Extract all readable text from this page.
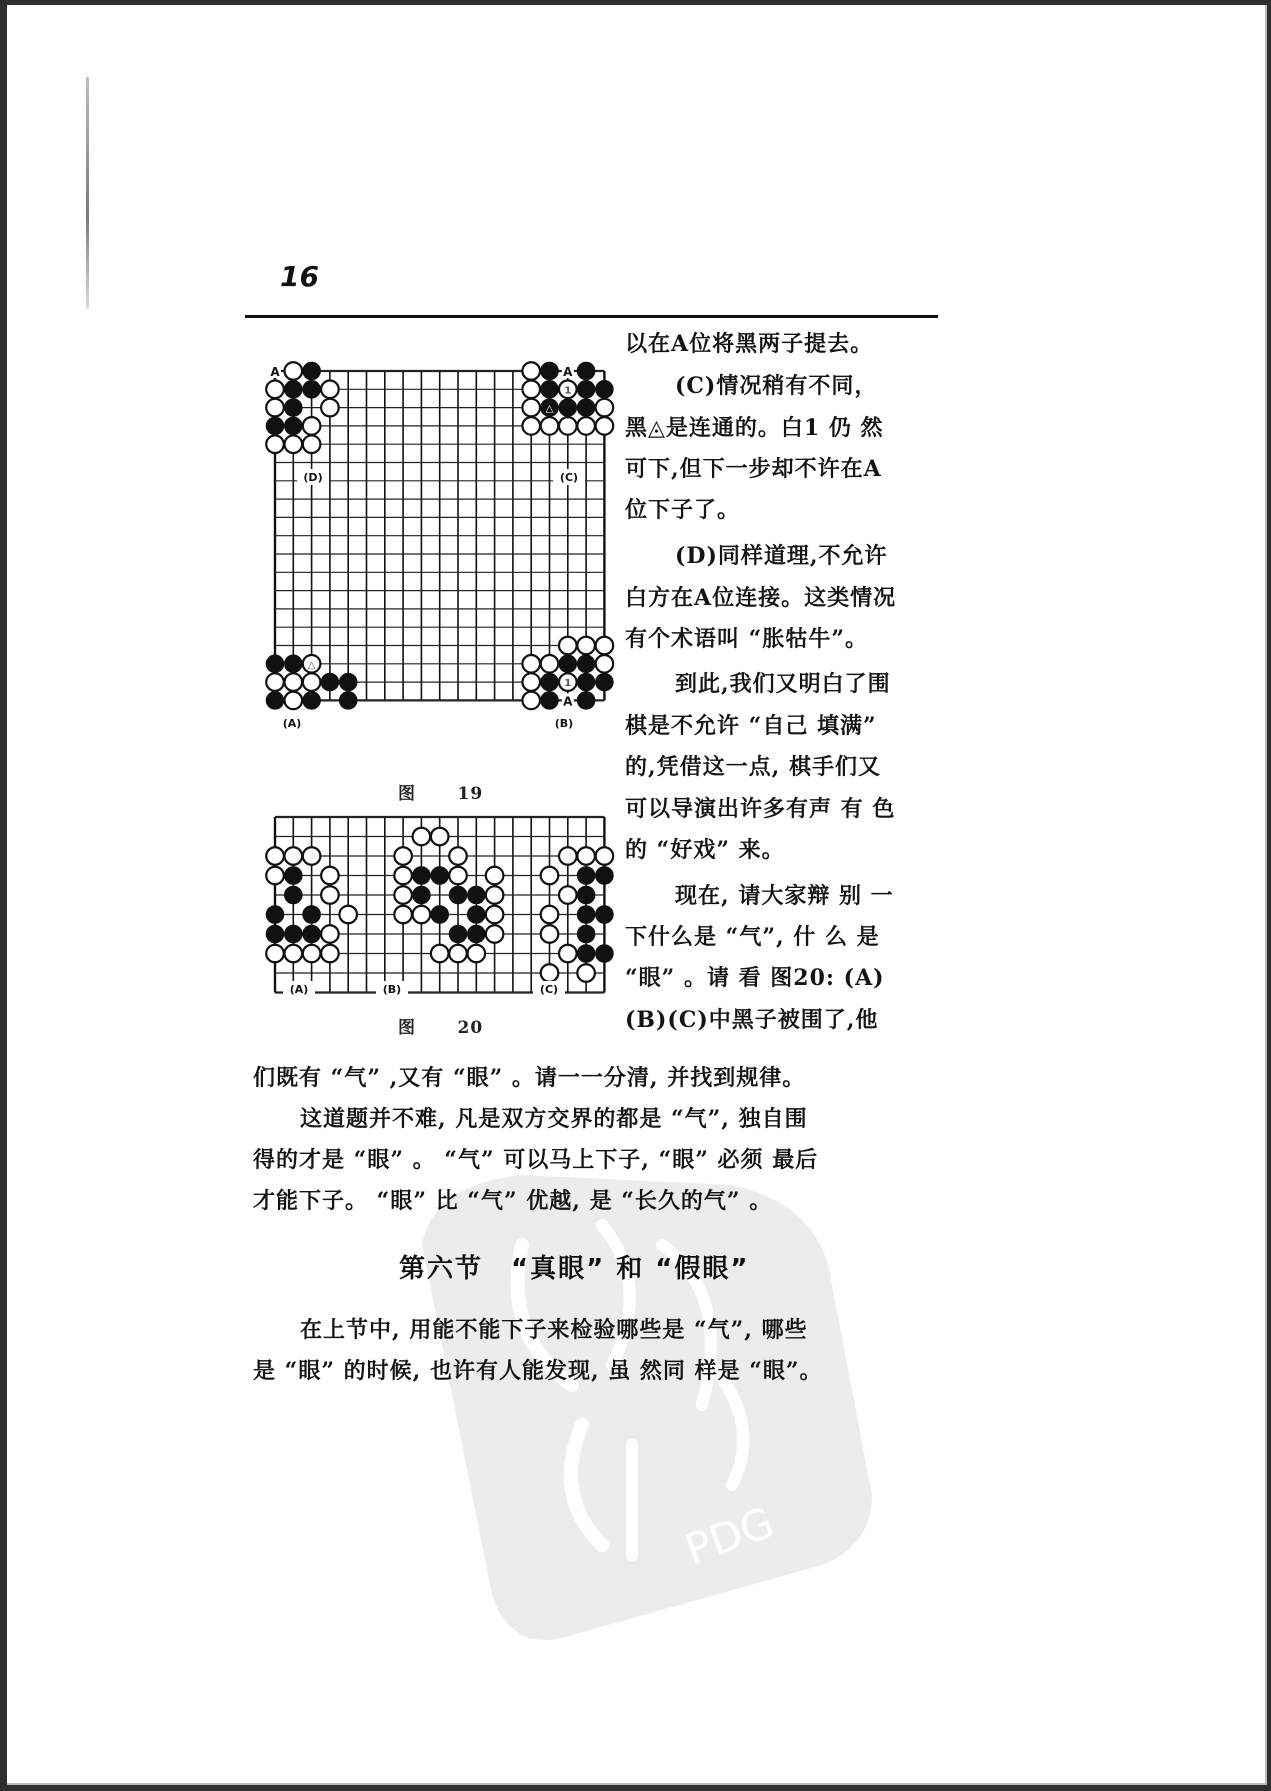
16
PDG
1
△
△
1
A	A
A
(D)	(C)
(A)	(B)
图 19
(A)	(B)	(C)
图 20
以在A位将黑两子提去。
(C)情况稍有不同，
黑◬是连通的。白1 仍 然
可下,但下一步却不许在A
位下子了。
(D)同样道理,不允许
白方在A位连接。这类情况
有个术语叫 “胀牯牛”。
到此,我们又明白了围
棋是不允许 “自己 填满”
的,凭借这一点, 棋手们又
可以导演出许多有声 有 色
的 “好戏” 来。
现在, 请大家辩 别 一
下什么是 “气”, 什 么 是
“眼” 。请 看 图20: (A)
(B)(C)中黑子被围了,他
们既有 “气” ,又有 “眼” 。请一一分清, 并找到规律。
　这道题并不难, 凡是双方交界的都是 “气”, 独自围
得的才是 “眼” 。 “气” 可以马上下子, “眼” 必须 最后
才能下子。 “眼” 比 “气” 优越, 是 “长久的气” 。
第六节　“真眼” 和 “假眼”
　在上节中, 用能不能下子来检验哪些是 “气”, 哪些
是 “眼” 的时候, 也许有人能发现, 虽 然同 样是 “眼”。
